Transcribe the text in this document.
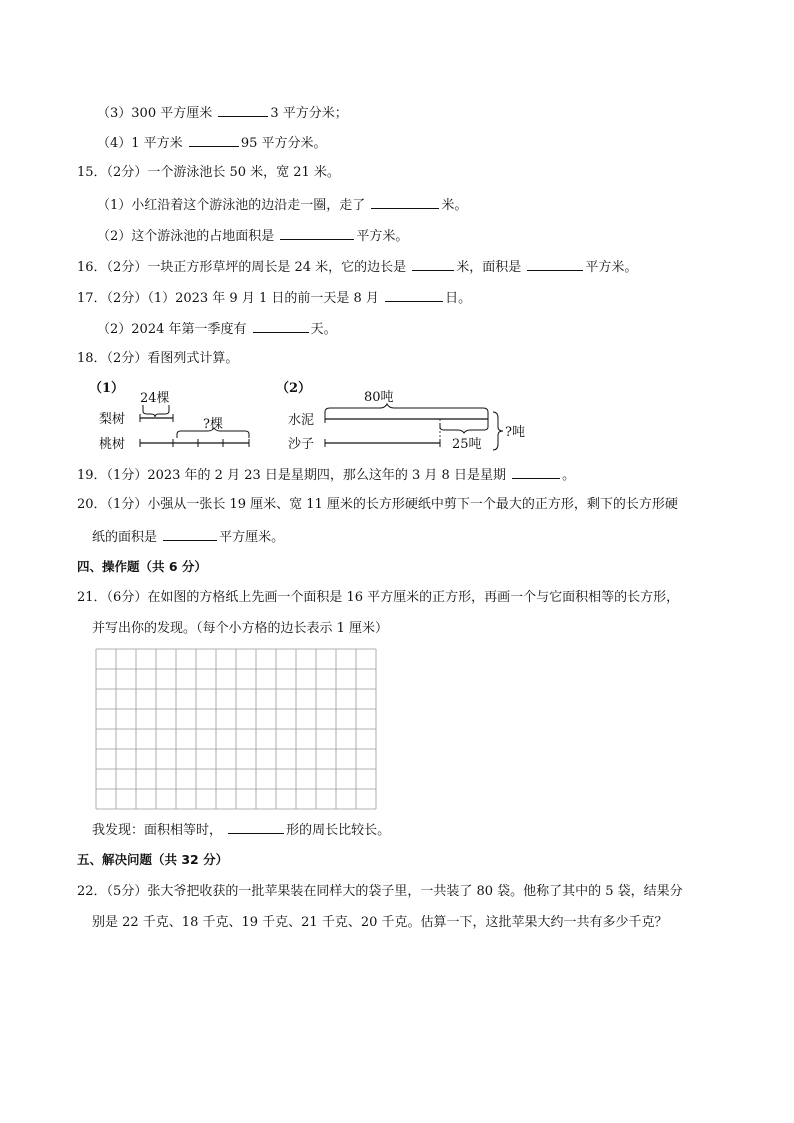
（3）300 平方厘米	3 平方分米；
（4）1 平方米	95 平方分米。
15．（2分）一个游泳池长 50 米，宽 21 米。
（1）小红沿着这个游泳池的边沿走一圈，走了	米。
（2）这个游泳池的占地面积是	平方米。
16．（2分）一块正方形草坪的周长是 24 米，它的边长是	米，面积是	平方米。
17．（2分）（1）2023 年 9 月 1 日的前一天是 8 月	日。
（2）2024 年第一季度有	天。
18．（2分）看图列式计算。
（1）
24棵
梨树	?棵
桃树
（2）
80吨
水泥
沙子	25吨
?吨
19．（1分）2023 年的 2 月 23 日是星期四，那么这年的 3 月 8 日是星期	。
20．（1分）小强从一张长 19 厘米、宽 11 厘米的长方形硬纸中剪下一个最大的正方形，剩下的长方形硬
纸的面积是	平方厘米。
四、操作题（共 6 分）
21．（6分）在如图的方格纸上先画一个面积是 16 平方厘米的正方形，再画一个与它面积相等的长方形，
并写出你的发现。（每个小方格的边长表示 1 厘米）
我发现：面积相等时，	形的周长比较长。
五、解决问题（共 32 分）
22．（5分）张大爷把收获的一批苹果装在同样大的袋子里，一共装了 80 袋。他称了其中的 5 袋，结果分
别是 22 千克、18 千克、19 千克、21 千克、20 千克。估算一下，这批苹果大约一共有多少千克？
